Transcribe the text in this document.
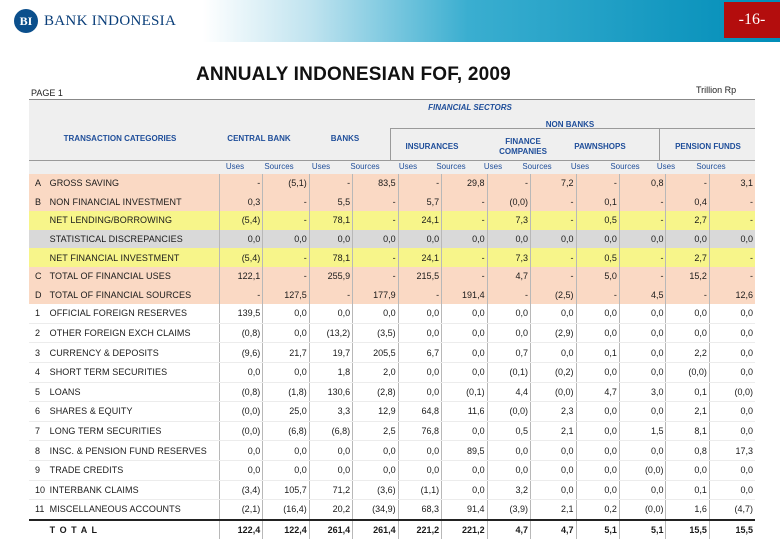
BI BANK INDONESIA	-16-
ANNUALY INDONESIAN FOF, 2009
PAGE 1	Trillion Rp
FINANCIAL SECTORS
NON BANKS
TRANSACTION CATEGORIES	CENTRAL BANK	BANKS
INSURANCES
FINANCE COMPANIES
PAWNSHOPS	PENSION FUNDS
Uses	Sources	Uses	Sources	Uses	Sources	Uses	Sources	Uses	Sources	Uses	Sources
A	GROSS SAVING	-	(5,1)	-	83,5	-	29,8	-	7,2	-	0,8	-	3,1
B	NON FINANCIAL INVESTMENT	0,3	-	5,5	-	5,7	-	(0,0)	-	0,1	-	0,4	-
	NET LENDING/BORROWING	(5,4)	-	78,1	-	24,1	-	7,3	-	0,5	-	2,7	-
	STATISTICAL DISCREPANCIES	0,0	0,0	0,0	0,0	0,0	0,0	0,0	0,0	0,0	0,0	0,0	0,0
	NET FINANCIAL INVESTMENT	(5,4)	-	78,1	-	24,1	-	7,3	-	0,5	-	2,7	-
C	TOTAL OF FINANCIAL USES	122,1	-	255,9	-	215,5	-	4,7	-	5,0	-	15,2	-
D	TOTAL OF FINANCIAL SOURCES	-	127,5	-	177,9	-	191,4	-	(2,5)	-	4,5	-	12,6
1	OFFICIAL FOREIGN RESERVES	139,5	0,0	0,0	0,0	0,0	0,0	0,0	0,0	0,0	0,0	0,0	0,0
2	OTHER FOREIGN EXCH CLAIMS	(0,8)	0,0	(13,2)	(3,5)	0,0	0,0	0,0	(2,9)	0,0	0,0	0,0	0,0
3	CURRENCY & DEPOSITS	(9,6)	21,7	19,7	205,5	6,7	0,0	0,7	0,0	0,1	0,0	2,2	0,0
4	SHORT TERM SECURITIES	0,0	0,0	1,8	2,0	0,0	0,0	(0,1)	(0,2)	0,0	0,0	(0,0)	0,0
5	LOANS	(0,8)	(1,8)	130,6	(2,8)	0,0	(0,1)	4,4	(0,0)	4,7	3,0	0,1	(0,0)
6	SHARES & EQUITY	(0,0)	25,0	3,3	12,9	64,8	11,6	(0,0)	2,3	0,0	0,0	2,1	0,0
7	LONG TERM SECURITIES	(0,0)	(6,8)	(6,8)	2,5	76,8	0,0	0,5	2,1	0,0	1,5	8,1	0,0
8	INSC. & PENSION FUND RESERVES	0,0	0,0	0,0	0,0	0,0	89,5	0,0	0,0	0,0	0,0	0,8	17,3
9	TRADE CREDITS	0,0	0,0	0,0	0,0	0,0	0,0	0,0	0,0	0,0	(0,0)	0,0	0,0
10	INTERBANK CLAIMS	(3,4)	105,7	71,2	(3,6)	(1,1)	0,0	3,2	0,0	0,0	0,0	0,1	0,0
11	MISCELLANEOUS ACCOUNTS	(2,1)	(16,4)	20,2	(34,9)	68,3	91,4	(3,9)	2,1	0,2	(0,0)	1,6	(4,7)
	T O T A L	122,4	122,4	261,4	261,4	221,2	221,2	4,7	4,7	5,1	5,1	15,5	15,5
